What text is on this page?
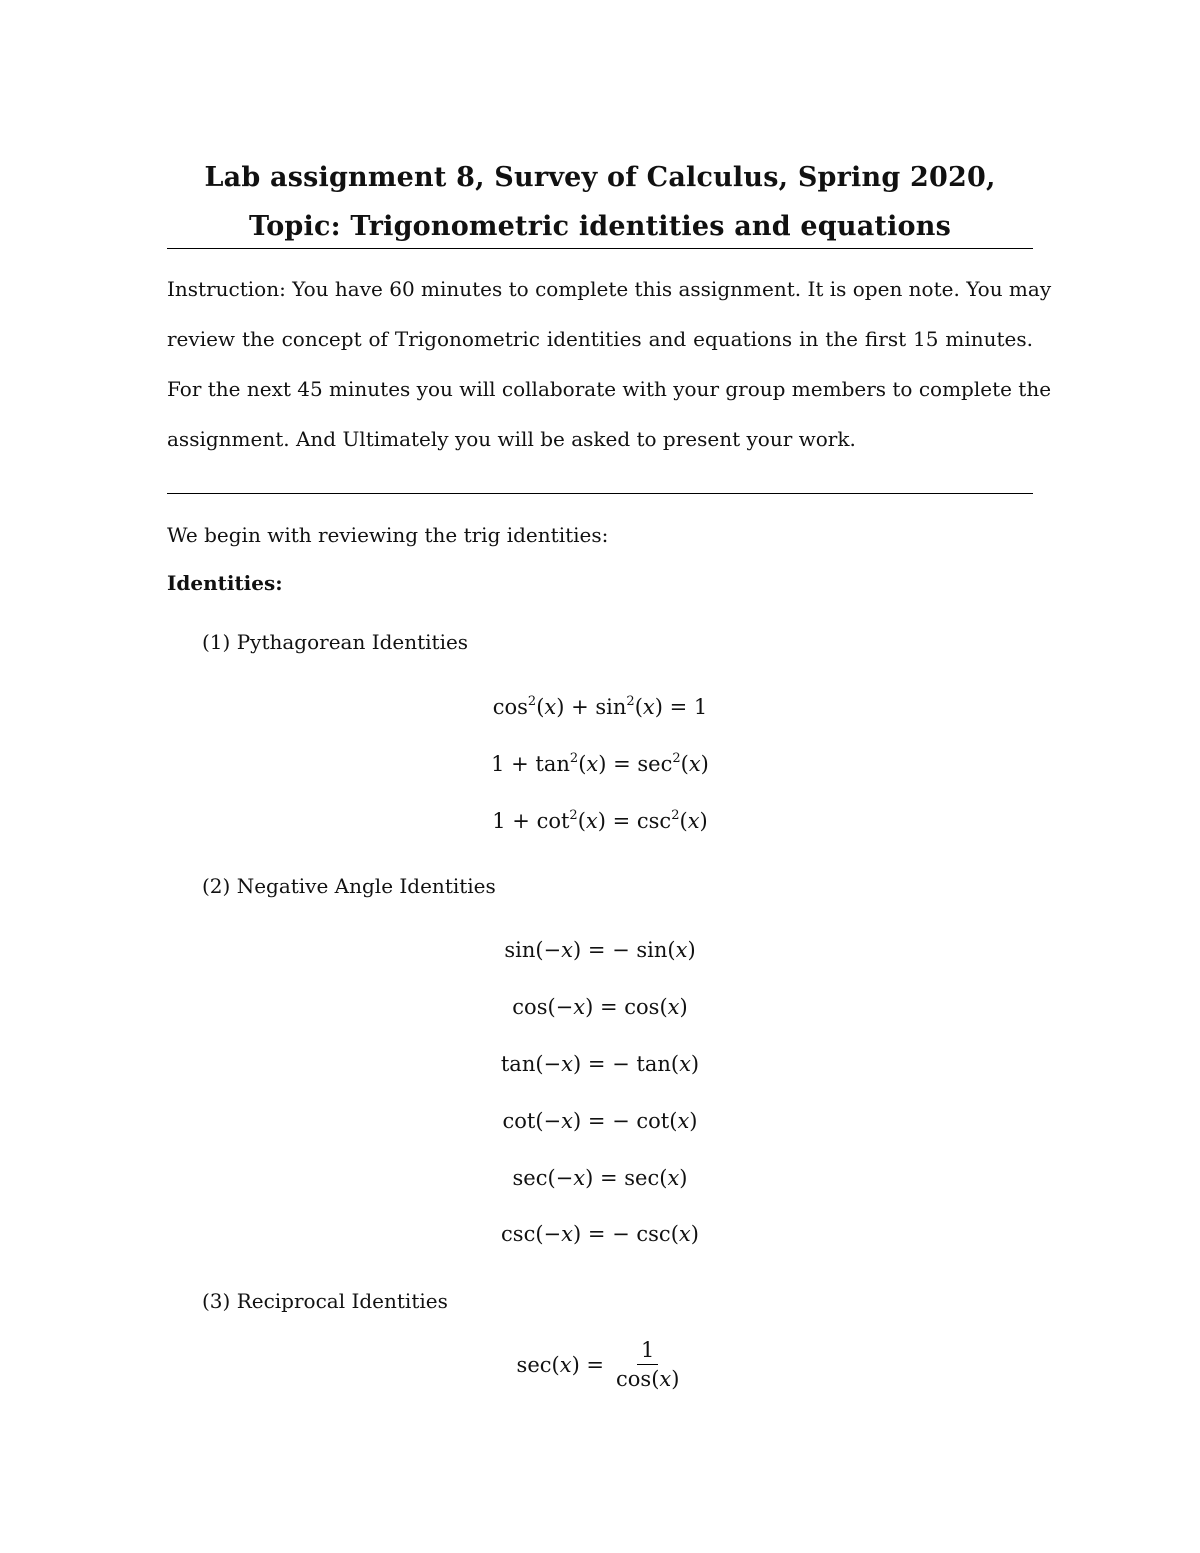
Lab assignment 8, Survey of Calculus, Spring 2020,
Topic: Trigonometric identities and equations
Instruction: You have 60 minutes to complete this assignment. It is open note. You may
review the concept of Trigonometric identities and equations in the first 15 minutes.
For the next 45 minutes you will collaborate with your group members to complete the
assignment. And Ultimately you will be asked to present your work.
We begin with reviewing the trig identities:
Identities:
(1) Pythagorean Identities
$\cos^2(x) + \sin^2(x) = 1$
$1 + \tan^2(x) = \sec^2(x)$
$1 + \cot^2(x) = \csc^2(x)$
(2) Negative Angle Identities
sin(−x) = − sin(x)
cos(−x) = cos(x)
tan(−x) = − tan(x)
cot(−x) = − cot(x)
sec(−x) = sec(x)
csc(−x) = − csc(x)
(3) Reciprocal Identities
$\sec(x) = \frac{1}{\cos(x)}$
